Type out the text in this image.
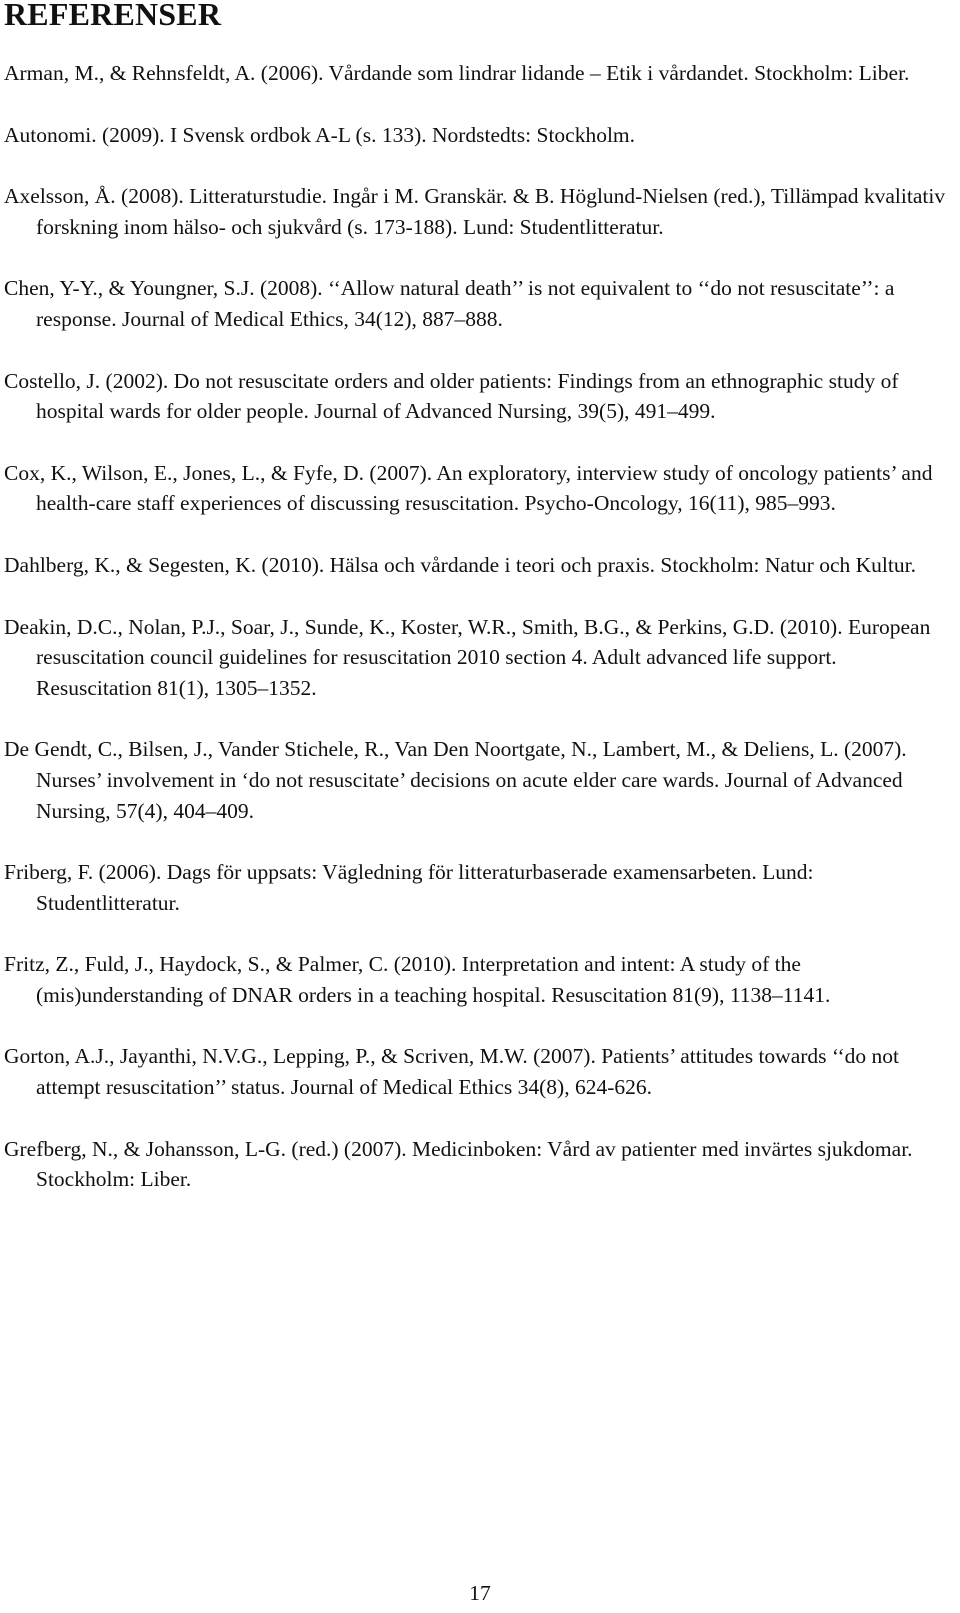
REFERENSER
Arman, M., & Rehnsfeldt, A. (2006). Vårdande som lindrar lidande – Etik i vårdandet. Stockholm: Liber.
Autonomi. (2009). I Svensk ordbok A-L (s. 133). Nordstedts: Stockholm.
Axelsson, Å. (2008). Litteraturstudie. Ingår i M. Granskär. & B. Höglund-Nielsen (red.), Tillämpad kvalitativ forskning inom hälso- och sjukvård (s. 173-188). Lund: Studentlitteratur.
Chen, Y-Y., & Youngner, S.J. (2008). ‘‘Allow natural death’’ is not equivalent to ‘‘do not resuscitate’’: a response. Journal of Medical Ethics, 34(12), 887–888.
Costello, J. (2002). Do not resuscitate orders and older patients: Findings from an ethnographic study of hospital wards for older people. Journal of Advanced Nursing, 39(5), 491–499.
Cox, K., Wilson, E., Jones, L., & Fyfe, D. (2007). An exploratory, interview study of oncology patients’ and health-care staff experiences of discussing resuscitation. Psycho-Oncology, 16(11), 985–993.
Dahlberg, K., & Segesten, K. (2010). Hälsa och vårdande i teori och praxis. Stockholm: Natur och Kultur.
Deakin, D.C., Nolan, P.J., Soar, J., Sunde, K., Koster, W.R., Smith, B.G., & Perkins, G.D. (2010). European resuscitation council guidelines for resuscitation 2010 section 4. Adult advanced life support. Resuscitation 81(1), 1305–1352.
De Gendt, C., Bilsen, J., Vander Stichele, R., Van Den Noortgate, N., Lambert, M., & Deliens, L. (2007). Nurses’ involvement in ‘do not resuscitate’ decisions on acute elder care wards. Journal of Advanced Nursing, 57(4), 404–409.
Friberg, F. (2006). Dags för uppsats: Vägledning för litteraturbaserade examensarbeten. Lund: Studentlitteratur.
Fritz, Z., Fuld, J., Haydock, S., & Palmer, C. (2010). Interpretation and intent: A study of the (mis)understanding of DNAR orders in a teaching hospital. Resuscitation 81(9), 1138–1141.
Gorton, A.J., Jayanthi, N.V.G., Lepping, P., & Scriven, M.W. (2007). Patients’ attitudes towards ‘‘do not attempt resuscitation’’ status. Journal of Medical Ethics 34(8), 624-626.
Grefberg, N., & Johansson, L-G. (red.) (2007). Medicinboken: Vård av patienter med invärtes sjukdomar. Stockholm: Liber.
17
